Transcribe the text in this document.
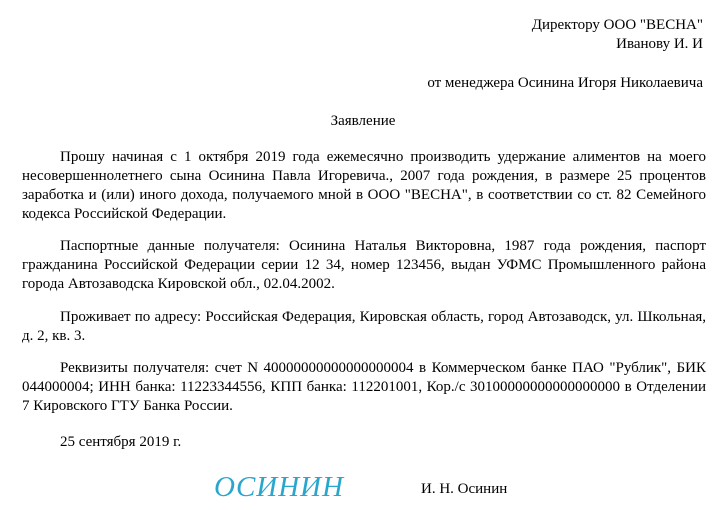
Директору ООО "ВЕСНА"
Иванову И. И
от менеджера Осинина Игоря Николаевича
Заявление
Прошу начиная с 1 октября 2019 года ежемесячно производить удержание алиментов на моего несовершеннолетнего сына Осинина Павла Игоревича., 2007 года рождения, в размере 25 процентов заработка и (или) иного дохода, получаемого мной в ООО "ВЕСНА", в соответствии со ст. 82 Семейного кодекса Российской Федерации.
Паспортные данные получателя: Осинина Наталья Викторовна, 1987 года рождения, паспорт гражданина Российской Федерации серии 12 34, номер 123456, выдан УФМС Промышленного района города Автозаводска Кировской обл., 02.04.2002.
Проживает по адресу: Российская Федерация, Кировская область, город Автозаводск, ул. Школьная, д. 2, кв. 3.
Реквизиты получателя: счет N 40000000000000000004 в Коммерческом банке ПАО "Рублик", БИК 044000004; ИНН банка: 11223344556, КПП банка: 112201001, Кор./с 30100000000000000000 в Отделении 7 Кировского ГТУ Банка России.
25 сентября 2019 г.
ОСИНИН	И. Н. Осинин
